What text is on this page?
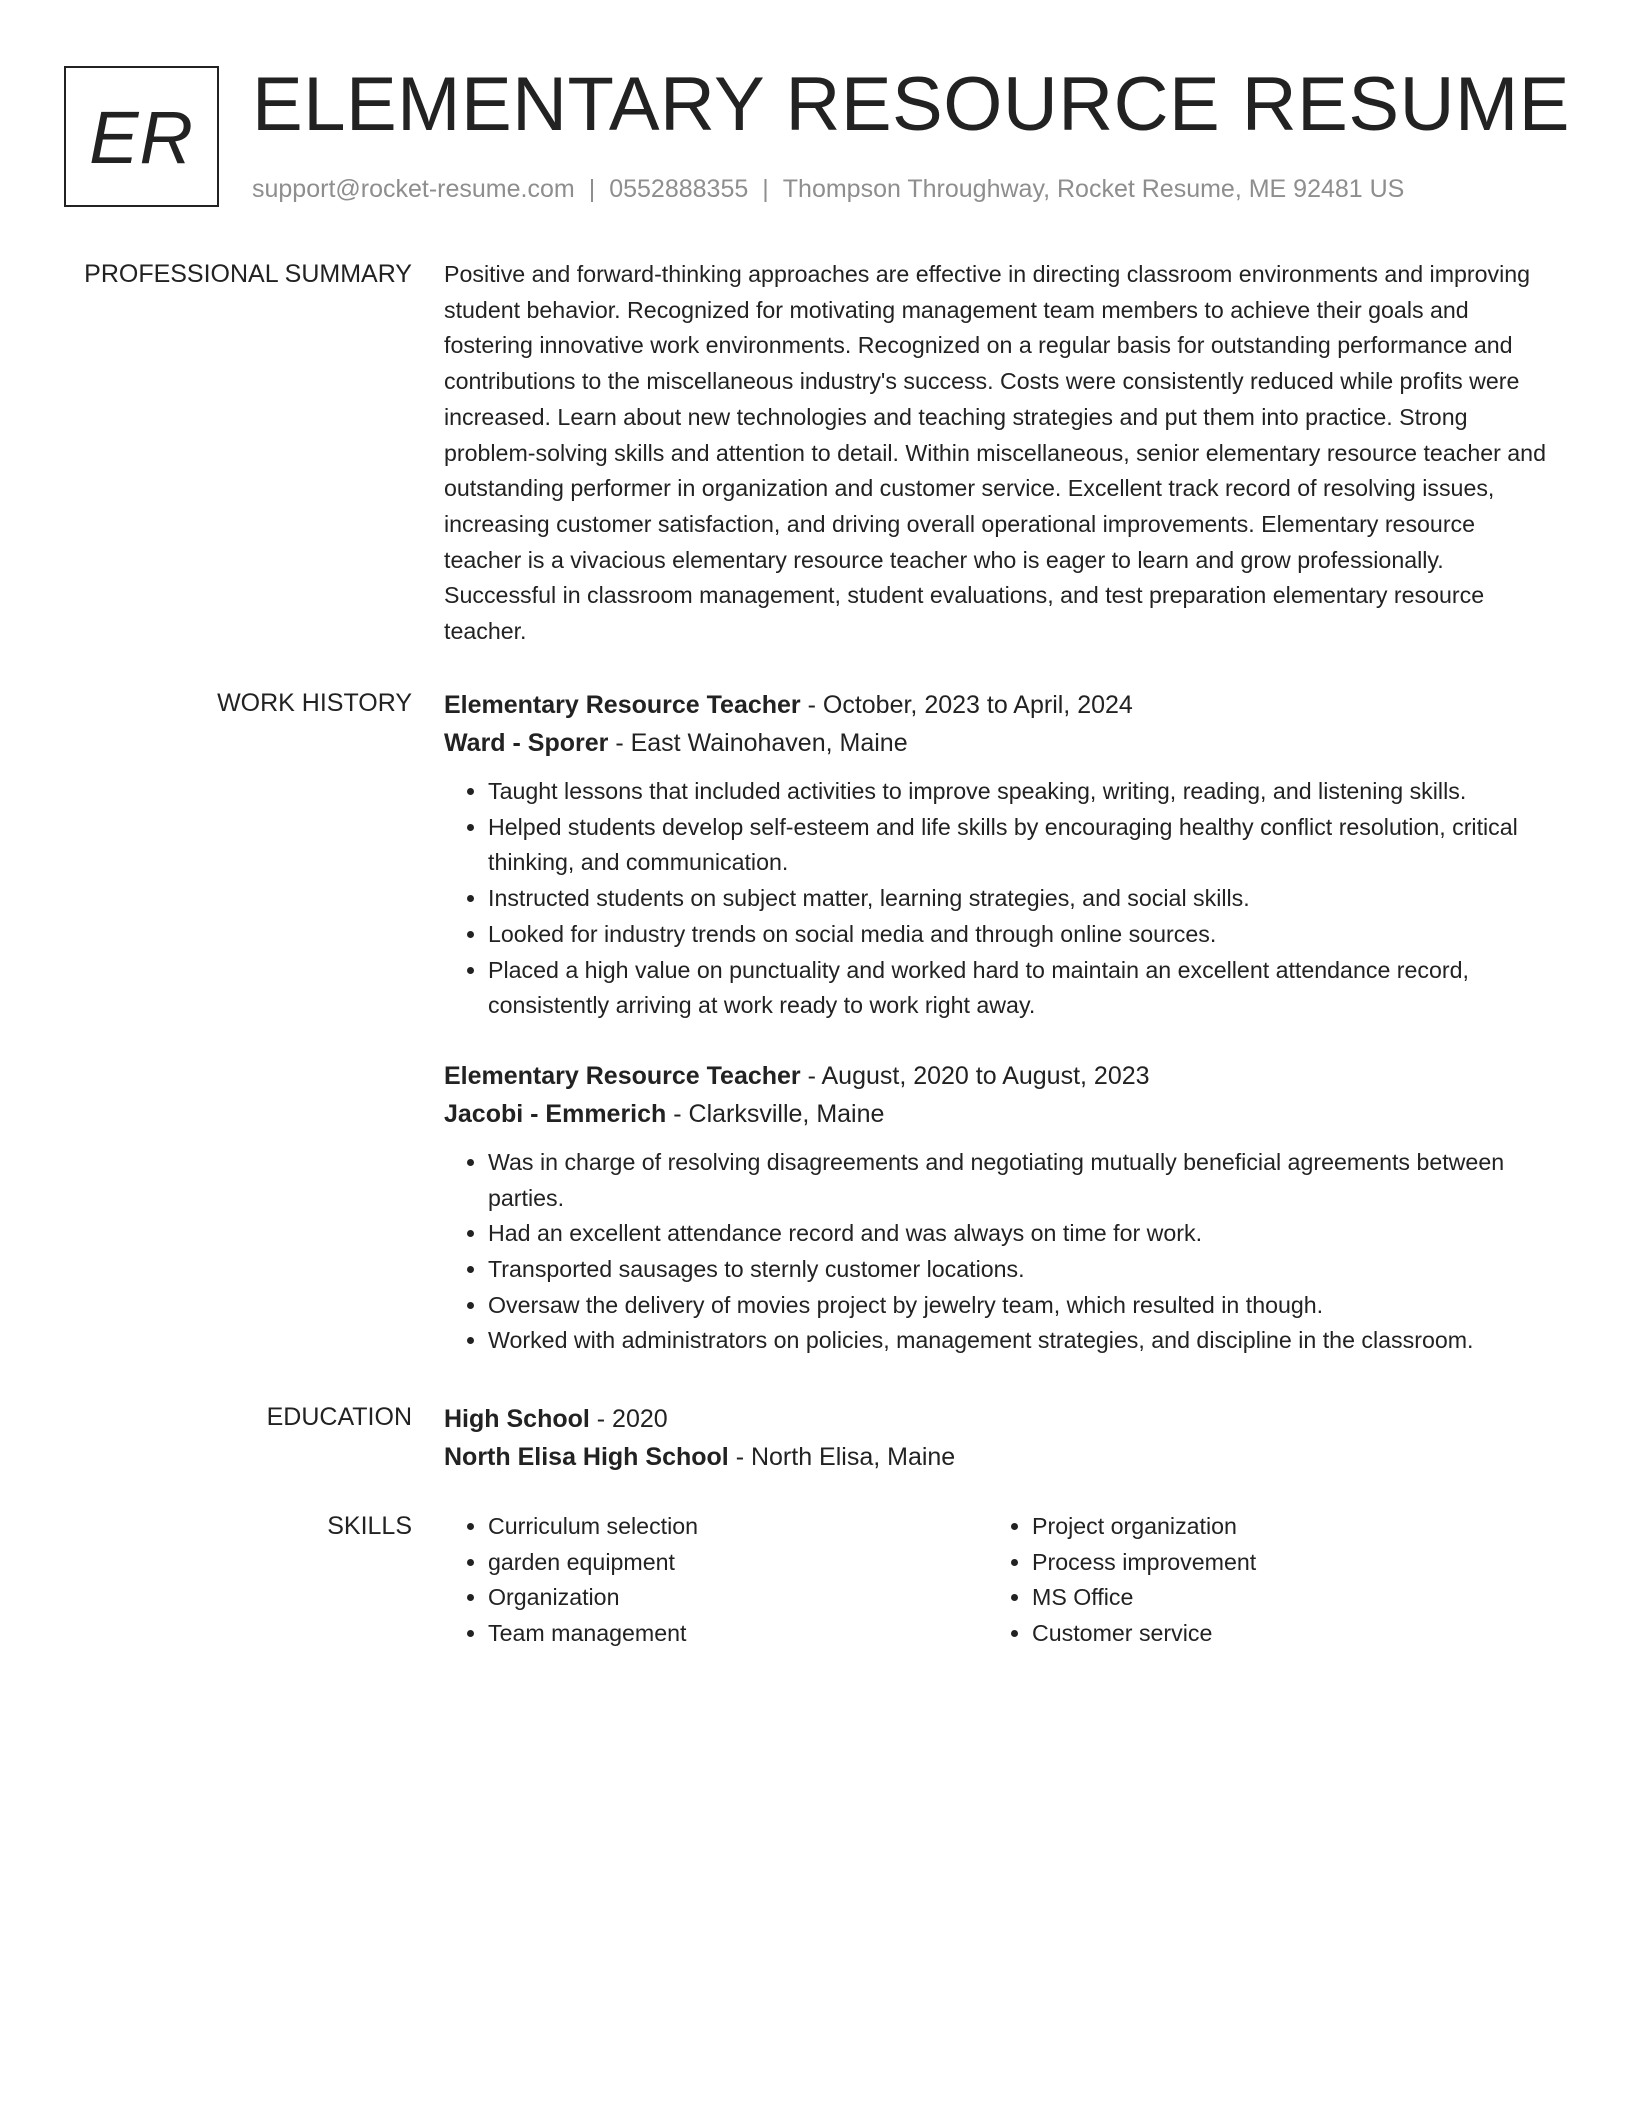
ER ELEMENTARY RESOURCE RESUME
support@rocket-resume.com | 0552888355 | Thompson Throughway, Rocket Resume, ME 92481 US
PROFESSIONAL SUMMARY Positive and forward-thinking approaches are effective in directing classroom environments and improving student behavior. Recognized for motivating management team members to achieve their goals and fostering innovative work environments. Recognized on a regular basis for outstanding performance and contributions to the miscellaneous industry's success. Costs were consistently reduced while profits were increased. Learn about new technologies and teaching strategies and put them into practice. Strong problem-solving skills and attention to detail. Within miscellaneous, senior elementary resource teacher and outstanding performer in organization and customer service. Excellent track record of resolving issues, increasing customer satisfaction, and driving overall operational improvements. Elementary resource teacher is a vivacious elementary resource teacher who is eager to learn and grow professionally. Successful in classroom management, student evaluations, and test preparation elementary resource teacher.

WORK HISTORY Elementary Resource Teacher - October, 2023 to April, 2024

Ward - Sporer - East Wainohaven, Maine

• Taught lessons that included activities to improve speaking, writing, reading, and listening skills.
• Helped students develop self-esteem and life skills by encouraging healthy conflict resolution, critical thinking, and communication.
• Instructed students on subject matter, learning strategies, and social skills.
• Looked for industry trends on social media and through online sources.
• Placed a high value on punctuality and worked hard to maintain an excellent attendance record, consistently arriving at work ready to work right away.

Elementary Resource Teacher - August, 2020 to August, 2023

Jacobi - Emmerich - Clarksville, Maine

• Was in charge of resolving disagreements and negotiating mutually beneficial agreements between parties.
• Had an excellent attendance record and was always on time for work.
• Transported sausages to sternly customer locations.
• Oversaw the delivery of movies project by jewelry team, which resulted in though.
• Worked with administrators on policies, management strategies, and discipline in the classroom.
EDUCATION High School - 2020

North Elisa High School - North Elisa, Maine

SKILLS
•	Curriculum selection
• garden equipment
• Organization
• Team management
• Project organization
• Process improvement
• MS Office
• Customer service
